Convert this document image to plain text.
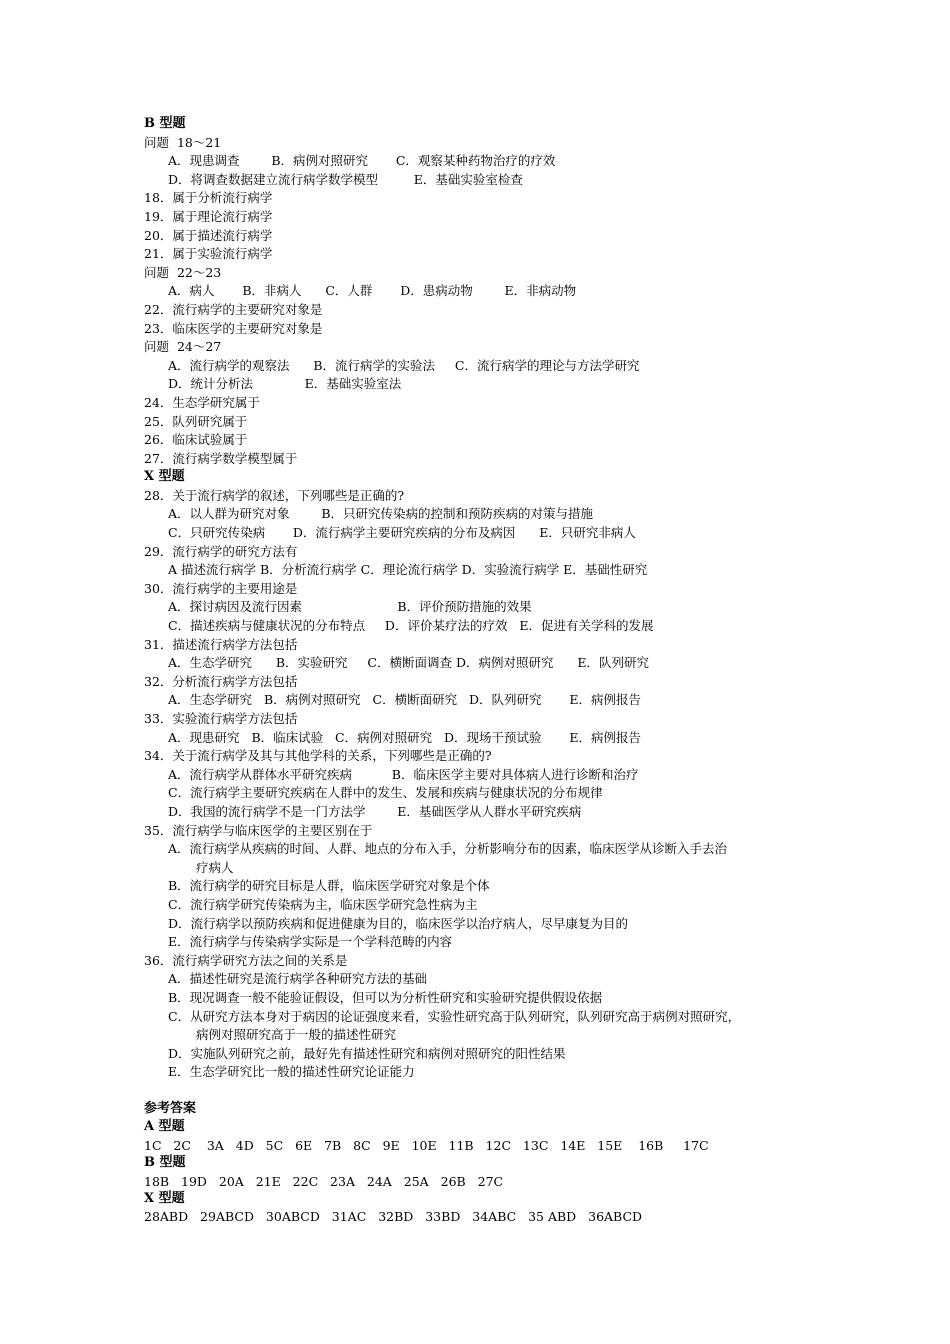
B 型题
问题  18～21
A．现患调查        B．病例对照研究       C．观察某种药物治疗的疗效
D．将调查数据建立流行病学数学模型         E．基础实验室检查
18．属于分析流行病学
19．属于理论流行病学
20．属于描述流行病学
21．属于实验流行病学
问题  22～23
A．病人       B．非病人      C．人群       D．患病动物        E．非病动物
22．流行病学的主要研究对象是
23．临床医学的主要研究对象是
问题  24～27
A．流行病学的观察法      B．流行病学的实验法     C．流行病学的理论与方法学研究
D．统计分析法             E．基础实验室法
24．生态学研究属于
25．队列研究属于
26．临床试验属于
27．流行病学数学模型属于
X 型题
28．关于流行病学的叙述，下列哪些是正确的?
A．以人群为研究对象        B．只研究传染病的控制和预防疾病的对策与措施
C．只研究传染病       D．流行病学主要研究疾病的分布及病因      E．只研究非病人
29．流行病学的研究方法有
A 描述流行病学 B．分析流行病学 C．理论流行病学 D．实验流行病学 E．基础性研究
30．流行病学的主要用途是
A．探讨病因及流行因素                        B．评价预防措施的效果
C．描述疾病与健康状况的分布特点     D．评价某疗法的疗效   E．促进有关学科的发展
31．描述流行病学方法包括
A．生态学研究      B．实验研究     C．横断面调查 D．病例对照研究      E．队列研究
32．分析流行病学方法包括
A．生态学研究   B．病例对照研究   C．横断面研究   D．队列研究       E．病例报告
33．实验流行病学方法包括
A．现患研究   B．临床试验   C．病例对照研究   D．现场干预试验       E．病例报告
34．关于流行病学及其与其他学科的关系，下列哪些是正确的?
A．流行病学从群体水平研究疾病          B．临床医学主要对具体病人进行诊断和治疗
C．流行病学主要研究疾病在人群中的发生、发展和疾病与健康状况的分布规律
D．我国的流行病学不是一门方法学        E．基础医学从人群水平研究疾病
35．流行病学与临床医学的主要区别在于
A．流行病学从疾病的时间、人群、地点的分布入手，分析影响分布的因素，临床医学从诊断入手去治
疗病人
B．流行病学的研究目标是人群，临床医学研究对象是个体
C．流行病学研究传染病为主，临床医学研究急性病为主
D．流行病学以预防疾病和促进健康为目的，临床医学以治疗病人，尽早康复为目的
E．流行病学与传染病学实际是一个学科范畴的内容
36．流行病学研究方法之间的关系是
A．描述性研究是流行病学各种研究方法的基础
B．现况调查一般不能验证假设，但可以为分析性研究和实验研究提供假设依据
C．从研究方法本身对于病因的论证强度来看，实验性研究高于队列研究，队列研究高于病例对照研究，
病例对照研究高于一般的描述性研究
D．实施队列研究之前，最好先有描述性研究和病例对照研究的阳性结果
E．生态学研究比一般的描述性研究论证能力
参考答案
A 型题
1C   2C    3A   4D   5C   6E   7B   8C   9E   10E   11B   12C   13C   14E   15E    16B     17C
B 型题
18B   19D   20A   21E   22C   23A   24A   25A   26B   27C
X 型题
28ABD   29ABCD   30ABCD   31AC   32BD   33BD   34ABC   35 ABD   36ABCD
